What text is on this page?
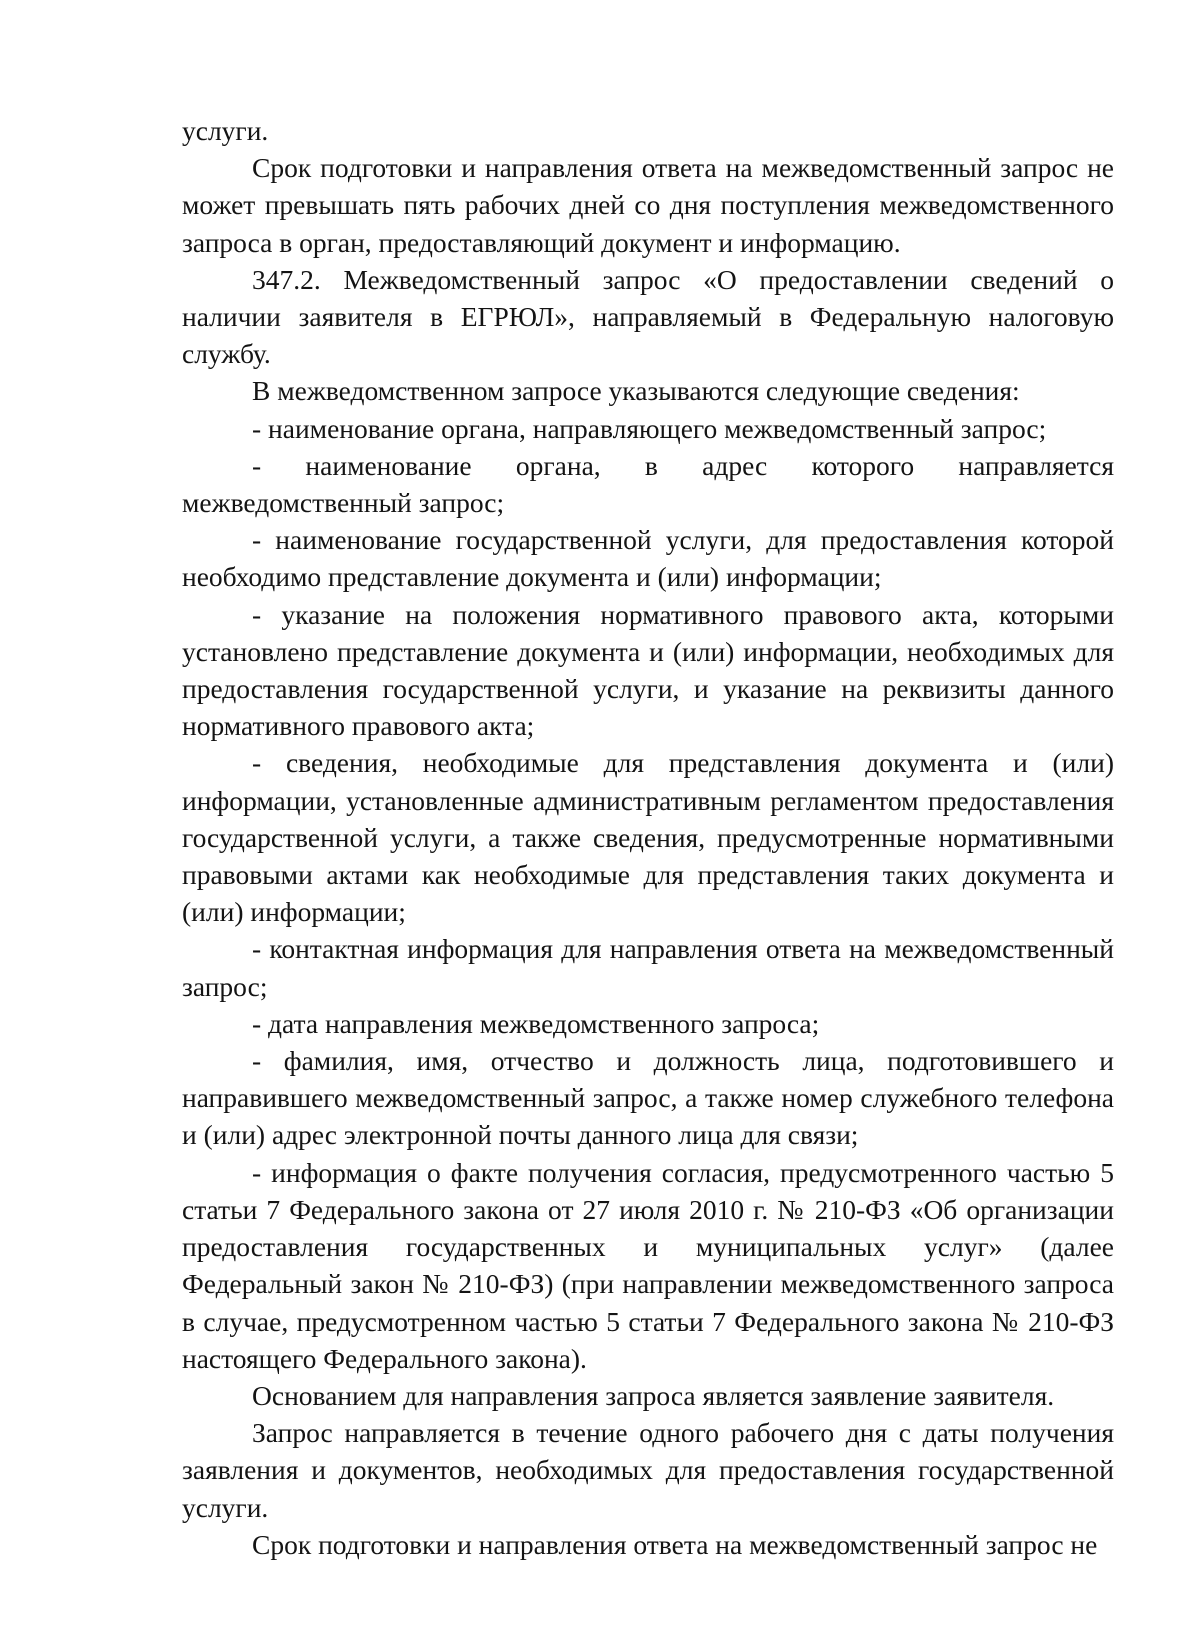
услуги.

Срок подготовки и направления ответа на межведомственный запрос не может превышать пять рабочих дней со дня поступления межведомственного запроса в орган, предоставляющий документ и информацию.

347.2. Межведомственный запрос «О предоставлении сведений о наличии заявителя в ЕГРЮЛ», направляемый в Федеральную налоговую службу.

В межведомственном запросе указываются следующие сведения:

- наименование органа, направляющего межведомственный запрос;

- наименование органа, в адрес которого направляется межведомственный запрос;

- наименование государственной услуги, для предоставления которой необходимо представление документа и (или) информации;

- указание на положения нормативного правового акта, которыми установлено представление документа и (или) информации, необходимых для предоставления государственной услуги, и указание на реквизиты данного нормативного правового акта;

- сведения, необходимые для представления документа и (или) информации, установленные административным регламентом предоставления государственной услуги, а также сведения, предусмотренные нормативными правовыми актами как необходимые для представления таких документа и (или) информации;

- контактная информация для направления ответа на межведомственный запрос;

- дата направления межведомственного запроса;

- фамилия, имя, отчество и должность лица, подготовившего и направившего межведомственный запрос, а также номер служебного телефона и (или) адрес электронной почты данного лица для связи;

- информация о факте получения согласия, предусмотренного частью 5 статьи 7 Федерального закона от 27 июля 2010 г. № 210-ФЗ «Об организации предоставления государственных и муниципальных услуг» (далее Федеральный закон № 210-ФЗ) (при направлении межведомственного запроса в случае, предусмотренном частью 5 статьи 7 Федерального закона № 210-ФЗ настоящего Федерального закона).

Основанием для направления запроса является заявление заявителя.

Запрос направляется в течение одного рабочего дня с даты получения заявления и документов, необходимых для предоставления государственной услуги.

Срок подготовки и направления ответа на межведомственный запрос не
